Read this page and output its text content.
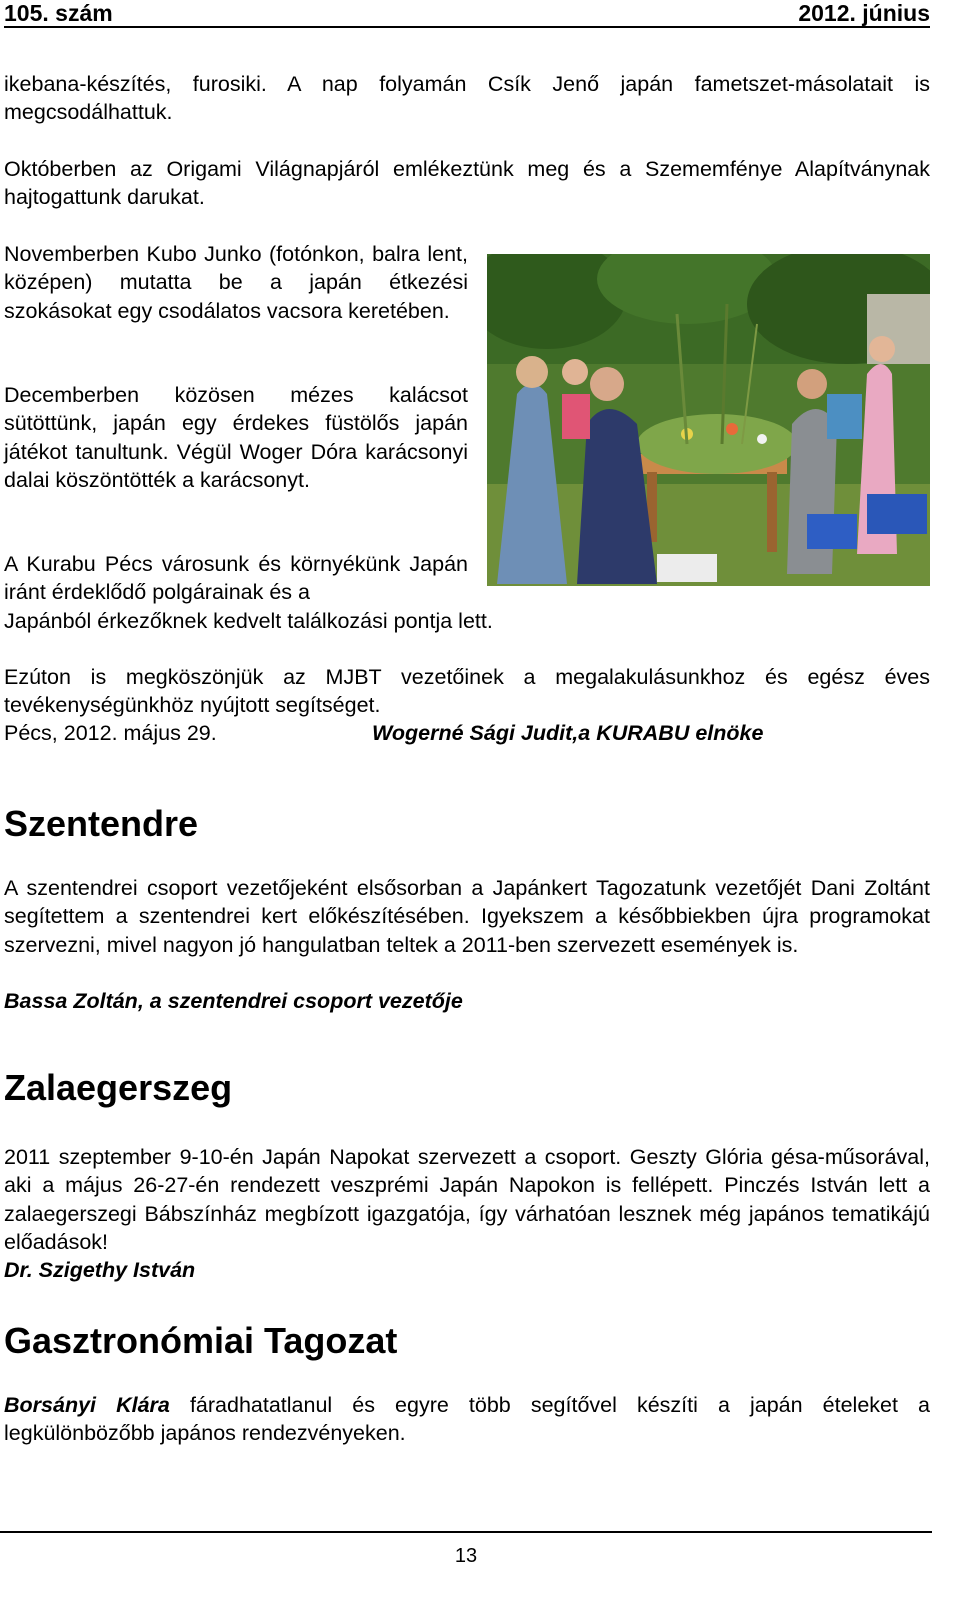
105. szám	2012. június

ikebana-készítés, furosiki. A nap folyamán Csík Jenő japán fametszet-másolatait is megcsodálhattuk.

Októberben az Origami Világnapjáról emlékeztünk meg és a Szememfénye Alapítványnak hajtogattunk darukat.

Novemberben Kubo Junko (fotónkon, balra lent, középen) mutatta be a japán étkezési szokásokat egy csodálatos vacsora keretében.

Decemberben közösen mézes kalácsot sütöttünk, japán egy érdekes füstölős japán játékot tanultunk. Végül Woger Dóra karácsonyi dalai köszöntötték a karácsonyt.

A Kurabu Pécs városunk és környékünk Japán iránt érdeklődő polgárainak és a

Japánból érkezőknek kedvelt találkozási pontja lett.

Ezúton is megköszönjük az MJBT vezetőinek a megalakulásunkhoz és egész éves tevékenységünkhöz nyújtott segítséget.

Pécs, 2012. május 29.	Wogerné Sági Judit,a KURABU elnöke
Szentendre

A szentendrei csoport vezetőjeként elsősorban a Japánkert Tagozatunk vezetőjét Dani Zoltánt segítettem a szentendrei kert előkészítésében. Igyekszem a későbbiekben újra programokat szervezni, mivel nagyon jó hangulatban teltek a 2011-ben szervezett események is.

Bassa Zoltán, a szentendrei csoport vezetője

Zalaegerszeg

2011 szeptember 9-10-én Japán Napokat szervezett a csoport. Geszty Glória gésa-műsorával, aki a május 26-27-én rendezett veszprémi Japán Napokon is fellépett. Pinczés István lett a zalaegerszegi Bábszínház megbízott igazgatója, így várhatóan lesznek még japános tematikájú előadások!

Dr. Szigethy István

Gasztronómiai Tagozat

Borsányi Klára fáradhatatlanul és egyre több segítővel készíti a japán ételeket a legkülönbözőbb japános rendezvényeken.

13
